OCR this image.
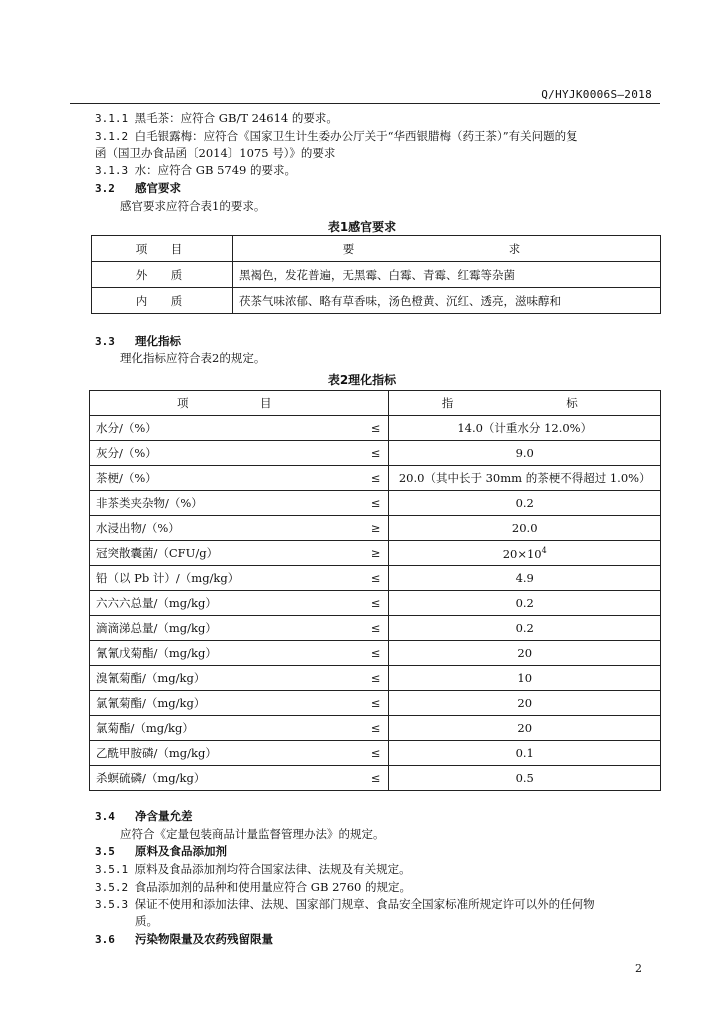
Q/HYJK0006S—2018
3.1.1 黑毛茶：应符合 GB/T 24614 的要求。
3.1.2 白毛银露梅：应符合《国家卫生计生委办公厅关于“华西银腊梅（药王茶）”有关问题的复
函（国卫办食品函〔2014〕1075 号）》的要求
3.1.3 水：应符合 GB 5749 的要求。
3.2 感官要求
感官要求应符合表1的要求。
表1感官要求
项　目	要　　　求
外　质	黑褐色，发花普遍，无黑霉、白霉、青霉、红霉等杂菌
内　质	茯茶气味浓郁、略有草香味，汤色橙黄、沉红、透亮，滋味醇和
3.3 理化指标
理化指标应符合表2的规定。
表2理化指标
项　目		指　　标
水分/（%）	≤	14.0（计重水分 12.0%）
灰分/（%）	≤	9.0
茶梗/（%）	≤	20.0（其中长于 30mm 的茶梗不得超过 1.0%）
非茶类夹杂物/（%）	≤	0.2
水浸出物/（%）	≥	20.0
冠突散囊菌/（CFU/g）	≥	$20\times 10^4$
铅（以 Pb 计）/（mg/kg）	≤	4.9
六六六总量/（mg/kg）	≤	0.2
滴滴涕总量/（mg/kg）	≤	0.2
氰氰戊菊酯/（mg/kg）	≤	20
溴氰菊酯/（mg/kg）	≤	10
氯氰菊酯/（mg/kg）	≤	20
氯菊酯/（mg/kg）	≤	20
乙酰甲胺磷/（mg/kg）	≤	0.1
杀螟硫磷/（mg/kg）	≤	0.5
3.4 净含量允差
应符合《定量包装商品计量监督管理办法》的规定。
3.5 原料及食品添加剂
3.5.1 原料及食品添加剂均符合国家法律、法规及有关规定。
3.5.2 食品添加剂的品种和使用量应符合 GB 2760 的规定。
3.5.3 保证不使用和添加法律、法规、国家部门规章、食品安全国家标准所规定许可以外的任何物
质。
3.6 污染物限量及农药残留限量
2
